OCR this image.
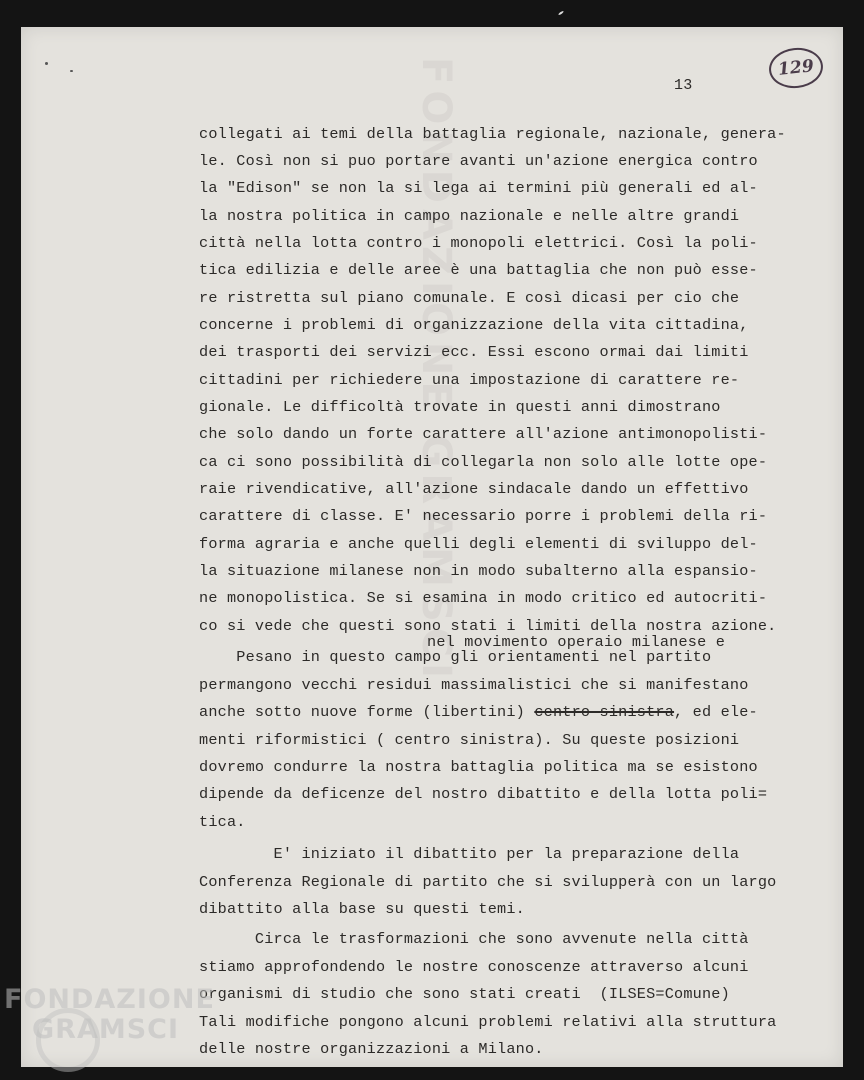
FONDAZIONE GRAMSCI	13
129
collegati ai temi della battaglia regionale, nazionale, genera-
le. Così non si puo portare avanti un'azione energica contro
la "Edison" se non la si lega ai termini più generali ed al-
la nostra politica in campo nazionale e nelle altre grandi
città nella lotta contro i monopoli elettrici. Così la poli-
tica edilizia e delle aree è una battaglia che non può esse-
re ristretta sul piano comunale. E così dicasi per cio che
concerne i problemi di organizzazione della vita cittadina,
dei trasporti dei servizi ecc. Essi escono ormai dai limiti
cittadini per richiedere una impostazione di carattere re-
gionale. Le difficoltà trovate in questi anni dimostrano
che solo dando un forte carattere all'azione antimonopolisti-
ca ci sono possibilità di collegarla non solo alle lotte ope-
raie rivendicative, all'azione sindacale dando un effettivo
carattere di classe. E' necessario porre i problemi della ri-
forma agraria e anche quelli degli elementi di sviluppo del-
la situazione milanese non in modo subalterno alla espansio-
ne monopolistica. Se si esamina in modo critico ed autocriti-
co si vede che questi sono stati i limiti della nostra azione.
nel movimento operaio milanese e
Pesano in questo campo gli orientamenti nel partito
permangono vecchi residui massimalistici che si manifestano
anche sotto nuove forme (libertini) centro sinistra, ed ele-
menti riformistici ( centro sinistra). Su queste posizioni
dovremo condurre la nostra battaglia politica ma se esistono
dipende da deficenze del nostro dibattito e della lotta poli=
tica.
E' iniziato il dibattito per la preparazione della
Conferenza Regionale di partito che si svilupperà con un largo
dibattito alla base su questi temi.
Circa le trasformazioni che sono avvenute nella città
stiamo approfondendo le nostre conoscenze attraverso alcuni
organismi di studio che sono stati creati  (ILSES=Comune)
Tali modifiche pongono alcuni problemi relativi alla struttura
delle nostre organizzazioni a Milano.
FONDAZIONE
GRAMSCI
